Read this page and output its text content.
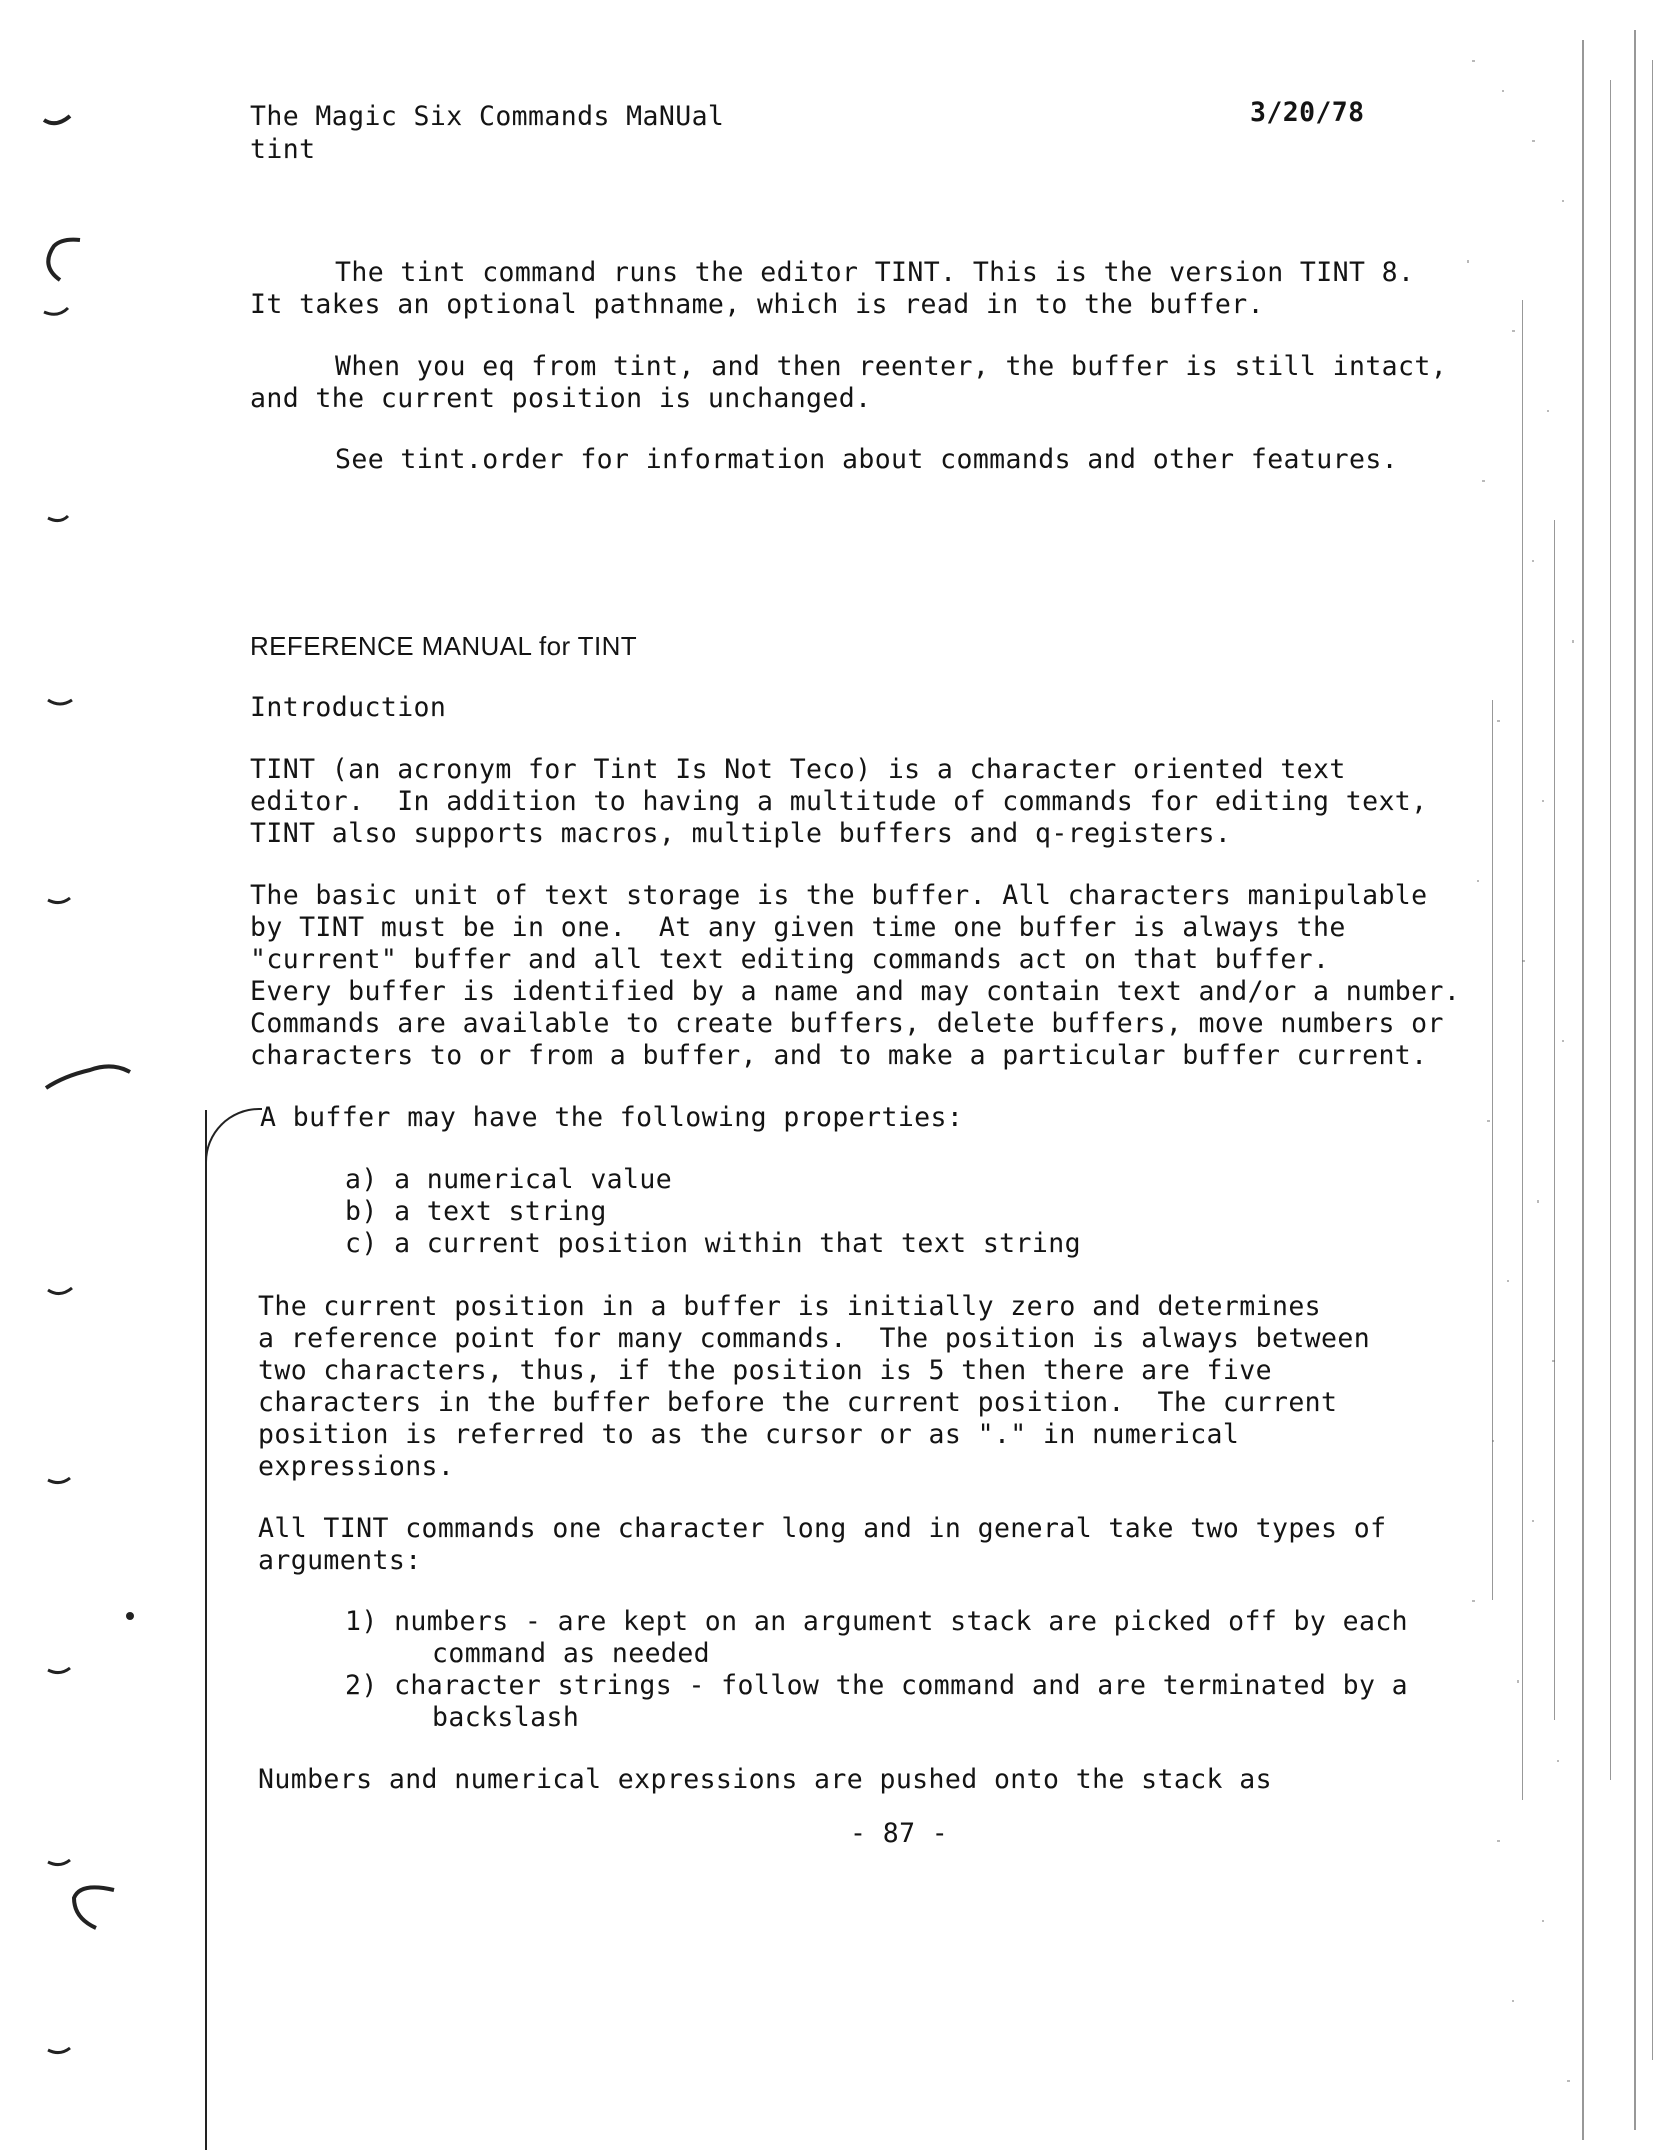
The Magic Six Commands MaNUal
tint
3/20/78
The tint command runs the editor TINT. This is the version TINT 8.
It takes an optional pathname, which is read in to the buffer.
When you eq from tint, and then reenter, the buffer is still intact,
and the current position is unchanged.
See tint.order for information about commands and other features.
REFERENCE MANUAL for TINT
Introduction
TINT (an acronym for Tint Is Not Teco) is a character oriented text
editor.  In addition to having a multitude of commands for editing text,
TINT also supports macros, multiple buffers and q-registers.
The basic unit of text storage is the buffer. All characters manipulable
by TINT must be in one.  At any given time one buffer is always the
"current" buffer and all text editing commands act on that buffer.
Every buffer is identified by a name and may contain text and/or a number.
Commands are available to create buffers, delete buffers, move numbers or
characters to or from a buffer, and to make a particular buffer current.
A buffer may have the following properties:
a) a numerical value
b) a text string
c) a current position within that text string
The current position in a buffer is initially zero and determines
a reference point for many commands.  The position is always between
two characters, thus, if the position is 5 then there are five
characters in the buffer before the current position.  The current
position is referred to as the cursor or as "." in numerical
expressions.
All TINT commands one character long and in general take two types of
arguments:
1) numbers - are kept on an argument stack are picked off by each
command as needed
2) character strings - follow the command and are terminated by a
backslash
Numbers and numerical expressions are pushed onto the stack as
- 87 -
